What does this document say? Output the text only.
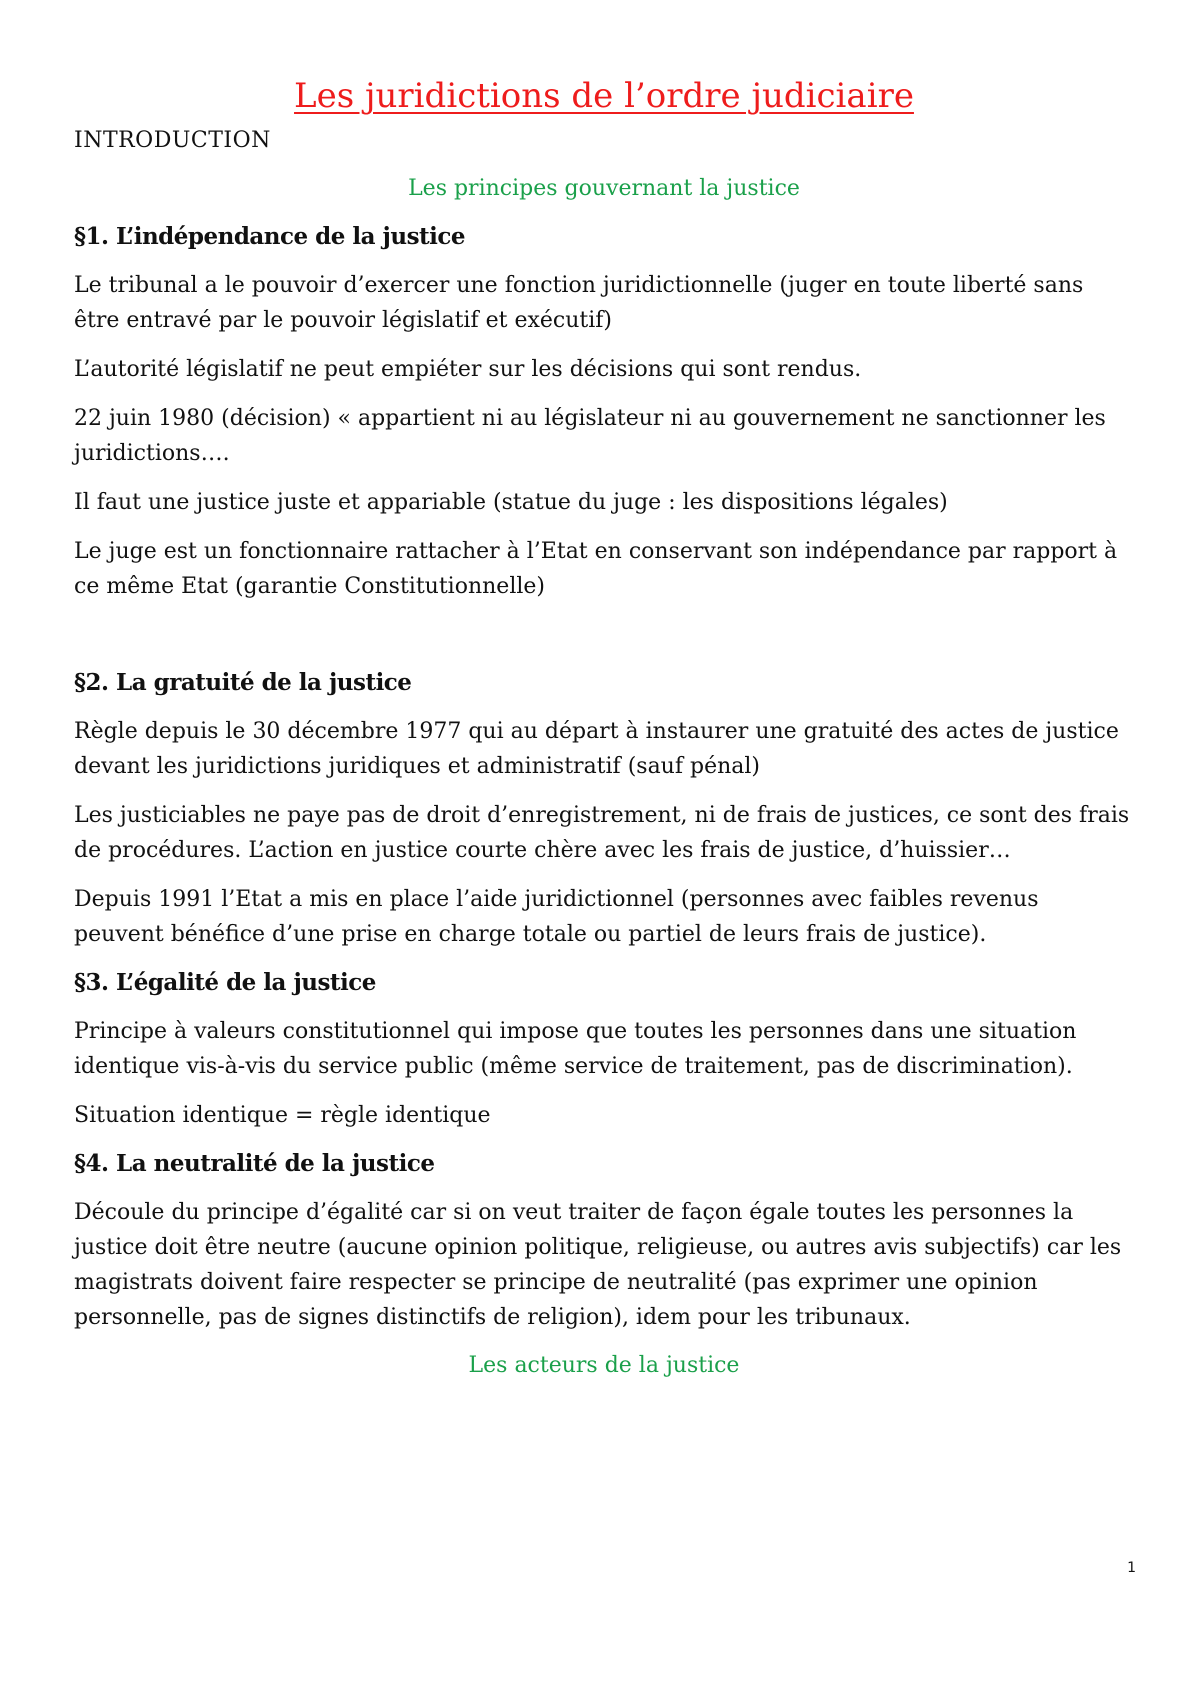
Les juridictions de l’ordre judiciaire
INTRODUCTION
Les principes gouvernant la justice
§1. L’indépendance de la justice

Le tribunal a le pouvoir d’exercer une fonction juridictionnelle (juger en toute liberté sans être entravé par le pouvoir législatif et exécutif)

L’autorité législatif ne peut empiéter sur les décisions qui sont rendus.

22 juin 1980 (décision) « appartient ni au législateur ni au gouvernement ne sanctionner les juridictions….

Il faut une justice juste et appariable (statue du juge : les dispositions légales)

Le juge est un fonctionnaire rattacher à l’Etat en conservant son indépendance par rapport à ce même Etat (garantie Constitutionnelle)

§2. La gratuité de la justice

Règle depuis le 30 décembre 1977 qui au départ à instaurer une gratuité des actes de justice devant les juridictions juridiques et administratif (sauf pénal)

Les justiciables ne paye pas de droit d’enregistrement, ni de frais de justices, ce sont des frais de procédures. L’action en justice courte chère avec les frais de justice, d’huissier…

Depuis 1991 l’Etat a mis en place l’aide juridictionnel (personnes avec faibles revenus peuvent bénéfice d’une prise en charge totale ou partiel de leurs frais de justice).

§3. L’égalité de la justice

Principe à valeurs constitutionnel qui impose que toutes les personnes dans une situation identique vis-à-vis du service public (même service de traitement, pas de discrimination).

Situation identique = règle identique

§4. La neutralité de la justice

Découle du principe d’égalité car si on veut traiter de façon égale toutes les personnes la justice doit être neutre (aucune opinion politique, religieuse, ou autres avis subjectifs) car les magistrats doivent faire respecter se principe de neutralité (pas exprimer une opinion personnelle, pas de signes distinctifs de religion), idem pour les tribunaux.

Les acteurs de la justice
1
